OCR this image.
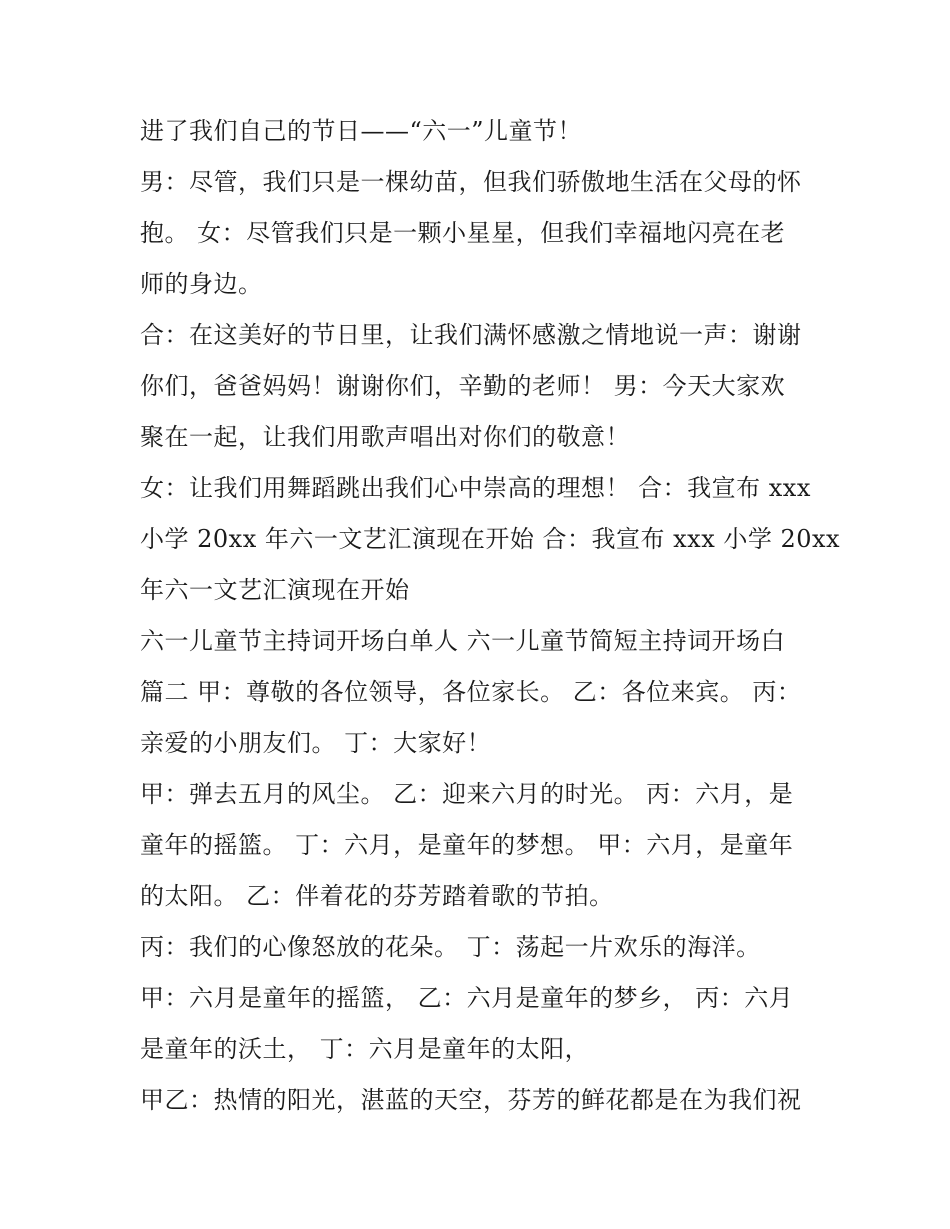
进了我们自己的节日——“六一”儿童节！
男：尽管，我们只是一棵幼苗，但我们骄傲地生活在父母的怀
抱。 女：尽管我们只是一颗小星星，但我们幸福地闪亮在老
师的身边。
合：在这美好的节日里，让我们满怀感激之情地说一声：谢谢
你们，爸爸妈妈！谢谢你们，辛勤的老师！ 男：今天大家欢
聚在一起，让我们用歌声唱出对你们的敬意！
女：让我们用舞蹈跳出我们心中崇高的理想！ 合：我宣布 xxx
小学 20xx 年六一文艺汇演现在开始 合：我宣布 xxx 小学 20xx
年六一文艺汇演现在开始
六一儿童节主持词开场白单人 六一儿童节简短主持词开场白
篇二 甲：尊敬的各位领导，各位家长。 乙：各位来宾。 丙：
亲爱的小朋友们。 丁：大家好！
甲：弹去五月的风尘。 乙：迎来六月的时光。 丙：六月，是
童年的摇篮。 丁：六月，是童年的梦想。 甲：六月，是童年
的太阳。 乙：伴着花的芬芳踏着歌的节拍。
丙：我们的心像怒放的花朵。 丁：荡起一片欢乐的海洋。
甲：六月是童年的摇篮， 乙：六月是童年的梦乡， 丙：六月
是童年的沃土， 丁：六月是童年的太阳，
甲乙：热情的阳光，湛蓝的天空，芬芳的鲜花都是在为我们祝
